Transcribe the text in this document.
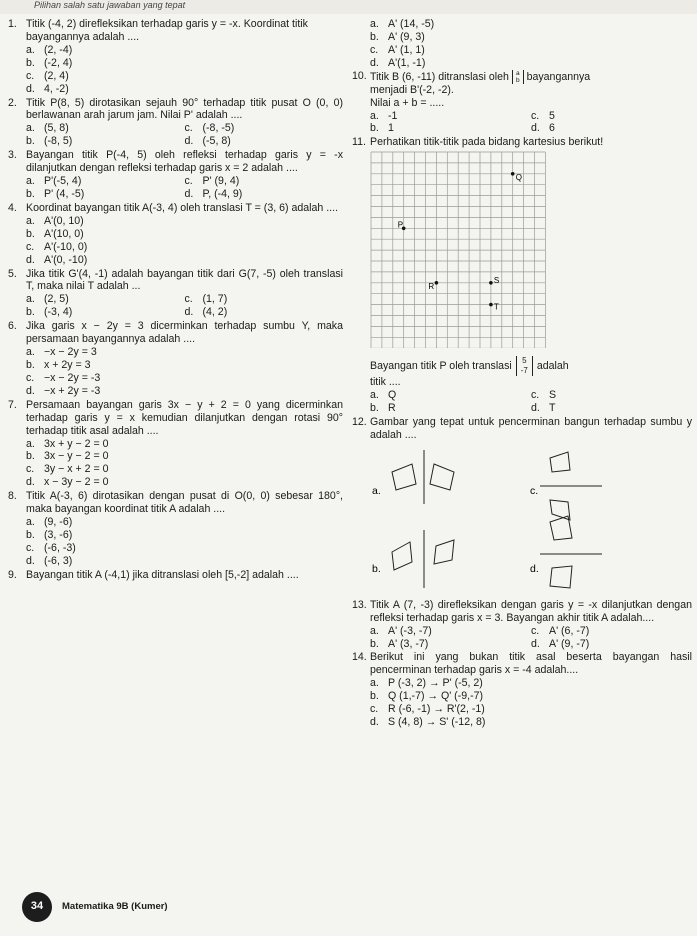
Pilihan salah satu jawaban yang tepat
1. Titik (-4, 2) direfleksikan terhadap garis y = -x. Koordinat titik bayangannya adalah ....
a. (2, -4)
b. (-2, 4)
c. (2, 4)
d. 4, -2)
2. Titik P(8, 5) dirotasikan sejauh 90° terhadap titik pusat O (0, 0) berlawanan arah jarum jam. Nilai P' adalah ....
a. (5, 8)	c. (-8, -5)
b. (-8, 5)	d. (-5, 8)
3. Bayangan titik P(-4, 5) oleh refleksi terhadap garis y = -x dilanjutkan dengan refleksi terhadap garis x = 2 adalah ....
a. P'(-5, 4)	c. P' (9, 4)
b. P' (4, -5)	d. P, (-4, 9)
4. Koordinat bayangan titik A(-3, 4) oleh translasi T = (3, 6) adalah ....
a. A'(0, 10)
b. A'(10, 0)
c. A'(-10, 0)
d. A'(0, -10)
5. Jika titik G'(4, -1) adalah bayangan titik dari G(7, -5) oleh translasi T, maka nilai T adalah ...
a. (2, 5)	c. (1, 7)
b. (-3, 4)	d. (4, 2)
6. Jika garis x − 2y = 3 dicerminkan terhadap sumbu Y, maka persamaan bayangannya adalah ....
a. −x − 2y = 3
b. x + 2y = 3
c. −x − 2y = -3
d. −x + 2y = -3
7. Persamaan bayangan garis 3x − y + 2 = 0 yang dicerminkan terhadap garis y = x kemudian dilanjutkan dengan rotasi 90° terhadap titik asal adalah ....
a. 3x + y − 2 = 0
b. 3x − y − 2 = 0
c. 3y − x + 2 = 0
d. x − 3y − 2 = 0
8. Titik A(-3, 6) dirotasikan dengan pusat di O(0, 0) sebesar 180°, maka bayangan koordinat titik A adalah ....
a. (9, -6)
b. (3, -6)
c. (-6, -3)
d. (-6, 3)
9. Bayangan titik A (-4,1) jika ditranslasi oleh [5,-2] adalah ....
a. A' (14, -5)
b. A' (9, 3)
c. A' (1, 1)
d. A'(1, -1)
10. Titik B (6, -11) ditranslasi oleh a
b bayangannya
menjadi B'(-2, -2).
Nilai a + b = .....
a. -1	c. 5
b. 1	d. 6
11. Perhatikan titik-titik pada bidang kartesius berikut!
Q
P
R
S
T
Bayangan titik P oleh translasi 5
-7 adalah
titik ....
a. Q	c. S
b. R	d. T
12. Gambar yang tepat untuk pencerminan bangun terhadap sumbu y adalah ....
a.	c.
b.	d.
13. Titik A (7, -3) direfleksikan dengan garis y = -x dilanjutkan dengan refleksi terhadap garis x = 3. Bayangan akhir titik A adalah....
a. A' (-3, -7)	c. A' (6, -7)
b. A' (3, -7)	d. A' (9, -7)
14. Berikut ini yang bukan titik asal beserta bayangan hasil pencerminan terhadap garis x = -4 adalah....
a. P (-3, 2) → P' (-5, 2)
b. Q (1,-7) → Q' (-9,-7)
c. R (-6, -1) → R'(2, -1)
d. S (4, 8) → S' (-12, 8)
34	Matematika 9B (Kumer)
